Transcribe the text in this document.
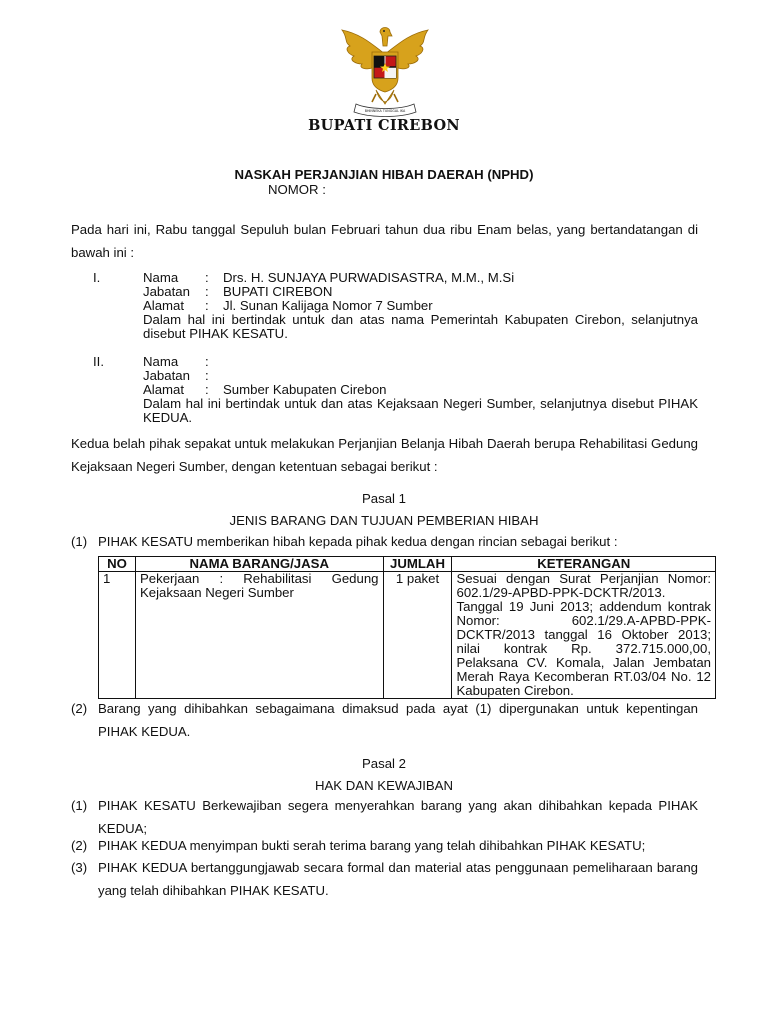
BHINNEKA TUNGGAL IKA
BUPATI CIREBON
NASKAH PERJANJIAN HIBAH DAERAH (NPHD)
NOMOR :
Pada hari ini, Rabu tanggal Sepuluh bulan Februari tahun dua ribu Enam belas, yang bertandatangan di bawah ini :
I.	Nama : Drs. H. SUNJAYA PURWADISASTRA, M.M., M.Si
Jabatan : BUPATI CIREBON
Alamat : Jl. Sunan Kalijaga Nomor 7 Sumber
Dalam hal ini bertindak untuk dan atas nama Pemerintah Kabupaten Cirebon, selanjutnya disebut PIHAK KESATU.
II.	Nama :
Jabatan :
Alamat : Sumber Kabupaten Cirebon
Dalam hal ini bertindak untuk dan atas Kejaksaan Negeri Sumber, selanjutnya disebut PIHAK KEDUA.
Kedua belah pihak sepakat untuk melakukan Perjanjian Belanja Hibah Daerah berupa Rehabilitasi Gedung Kejaksaan Negeri Sumber, dengan ketentuan sebagai berikut :
Pasal 1
JENIS BARANG DAN TUJUAN PEMBERIAN HIBAH
(1) PIHAK KESATU memberikan hibah kepada pihak kedua dengan rincian sebagai berikut :
NO	NAMA BARANG/JASA	JUMLAH	KETERANGAN
1	Pekerjaan : Rehabilitasi Gedung Kejaksaan Negeri Sumber	1 paket	Sesuai dengan Surat Perjanjian Nomor: 602.1/29-APBD-PPK-DCKTR/2013. Tanggal 19 Juni 2013; addendum kontrak Nomor: 602.1/29.A-APBD-PPK-DCKTR/2013 tanggal 16 Oktober 2013; nilai kontrak Rp. 372.715.000,00, Pelaksana CV. Komala, Jalan Jembatan Merah Raya Kecomberan RT.03/04 No. 12 Kabupaten Cirebon.
(2) Barang yang dihibahkan sebagaimana dimaksud pada ayat (1) dipergunakan untuk kepentingan PIHAK KEDUA.
Pasal 2
HAK DAN KEWAJIBAN
(1) PIHAK KESATU Berkewajiban segera menyerahkan barang yang akan dihibahkan kepada PIHAK KEDUA;
(2) PIHAK KEDUA menyimpan bukti serah terima barang yang telah dihibahkan PIHAK KESATU;
(3) PIHAK KEDUA bertanggungjawab secara formal dan material atas penggunaan pemeliharaan barang yang telah dihibahkan PIHAK KESATU.
